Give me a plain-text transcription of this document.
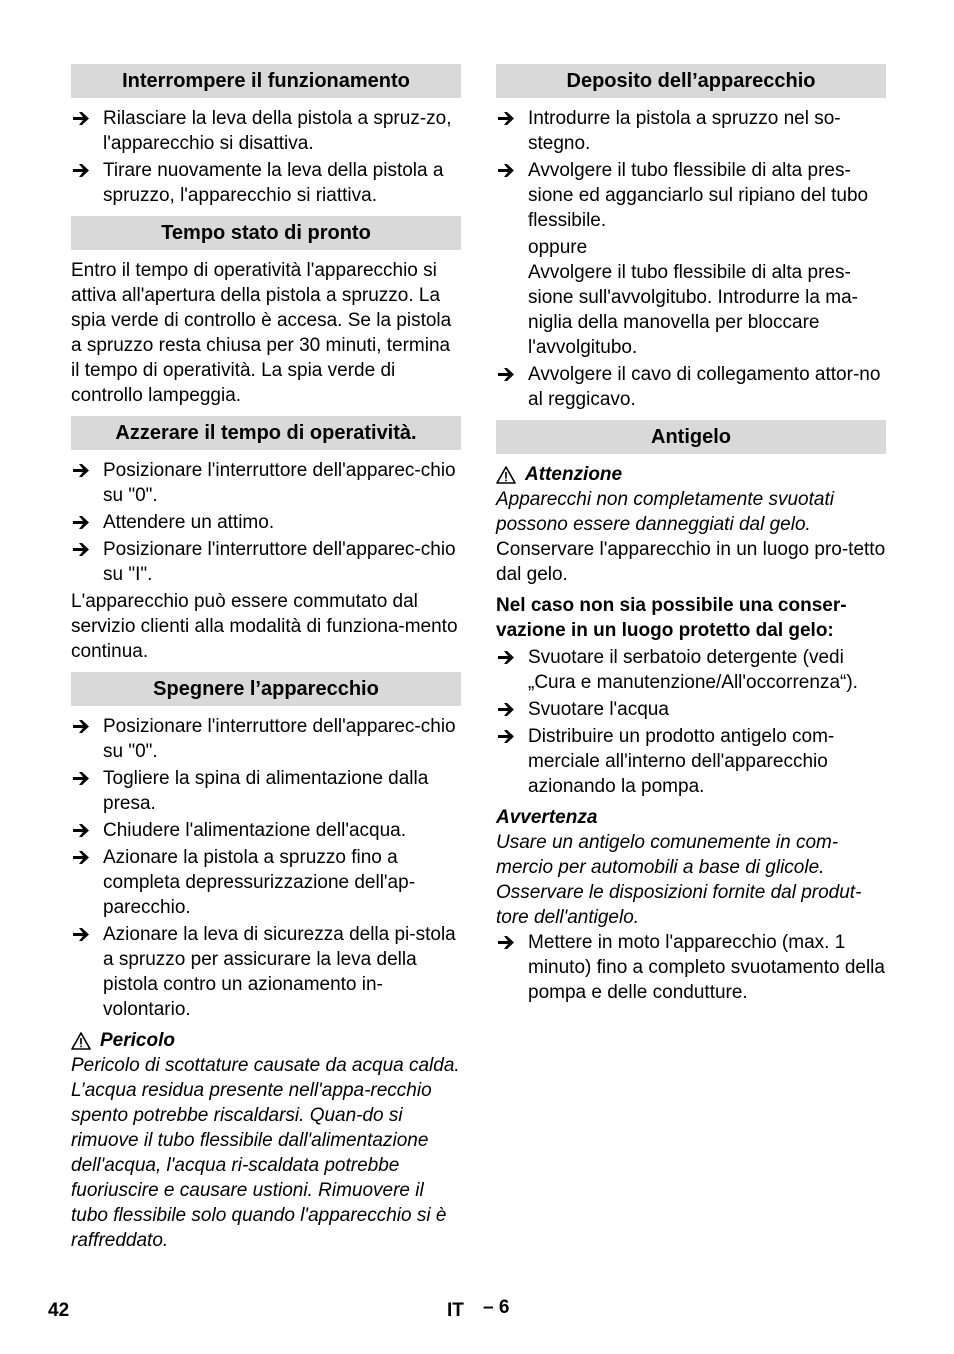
Interrompere il funzionamento
Rilasciare la leva della pistola a spruz-zo, l'apparecchio si disattiva.
Tirare nuovamente la leva della pistola a spruzzo, l'apparecchio si riattiva.
Tempo stato di pronto

Entro il tempo di operatività l'apparecchio si attiva all'apertura della pistola a spruzzo. La spia verde di controllo è accesa. Se la pistola a spruzzo resta chiusa per 30 minuti, termina il tempo di operatività. La spia verde di controllo lampeggia.

Azzerare il tempo di operatività.
Posizionare l'interruttore dell'apparec-chio su "0".
Attendere un attimo.
Posizionare l'interruttore dell'apparec-chio su "I".

L'apparecchio può essere commutato dal servizio clienti alla modalità di funziona-mento continua.

Spegnere l’apparecchio
Posizionare l'interruttore dell'apparec-chio su "0".
Togliere la spina di alimentazione dalla presa.
Chiudere l'alimentazione dell'acqua.
Azionare la pistola a spruzzo fino a completa depressurizzazione dell'ap-parecchio.
Azionare la leva di sicurezza della pi-stola a spruzzo per assicurare la leva della pistola contro un azionamento in-volontario.
Pericolo

Pericolo di scottature causate da acqua calda. L’acqua residua presente nell'appa-recchio spento potrebbe riscaldarsi. Quan-do si rimuove il tubo flessibile dall'alimentazione dell'acqua, l'acqua ri-scaldata potrebbe fuoriuscire e causare ustioni. Rimuovere il tubo flessibile solo quando l'apparecchio si è raffreddato.

Deposito dell’apparecchio
Introdurre la pistola a spruzzo nel so-stegno.
Avvolgere il tubo flessibile di alta pres-sione ed agganciarlo sul ripiano del tubo flessibile.

oppure

Avvolgere il tubo flessibile di alta pres-sione sull'avvolgitubo. Introdurre la ma-niglia della manovella per bloccare l'avvolgitubo.

Avvolgere il cavo di collegamento attor-no al reggicavo.
Antigelo
Attenzione

Apparecchi non completamente svuotati possono essere danneggiati dal gelo.

Conservare l'apparecchio in un luogo pro-tetto dal gelo.

Nel caso non sia possibile una conser-vazione in un luogo protetto dal gelo:

Svuotare il serbatoio detergente (vedi „Cura e manutenzione/All'occorrenza“).
Svuotare l'acqua
Distribuire un prodotto antigelo com-merciale all'interno dell'apparecchio azionando la pompa.
Avvertenza

Usare un antigelo comunemente in com-mercio per automobili a base di glicole. Osservare le disposizioni fornite dal produt-tore dell'antigelo.

Mettere in moto l'apparecchio (max. 1 minuto) fino a completo svuotamento della pompa e delle condutture.
42	IT – 6
